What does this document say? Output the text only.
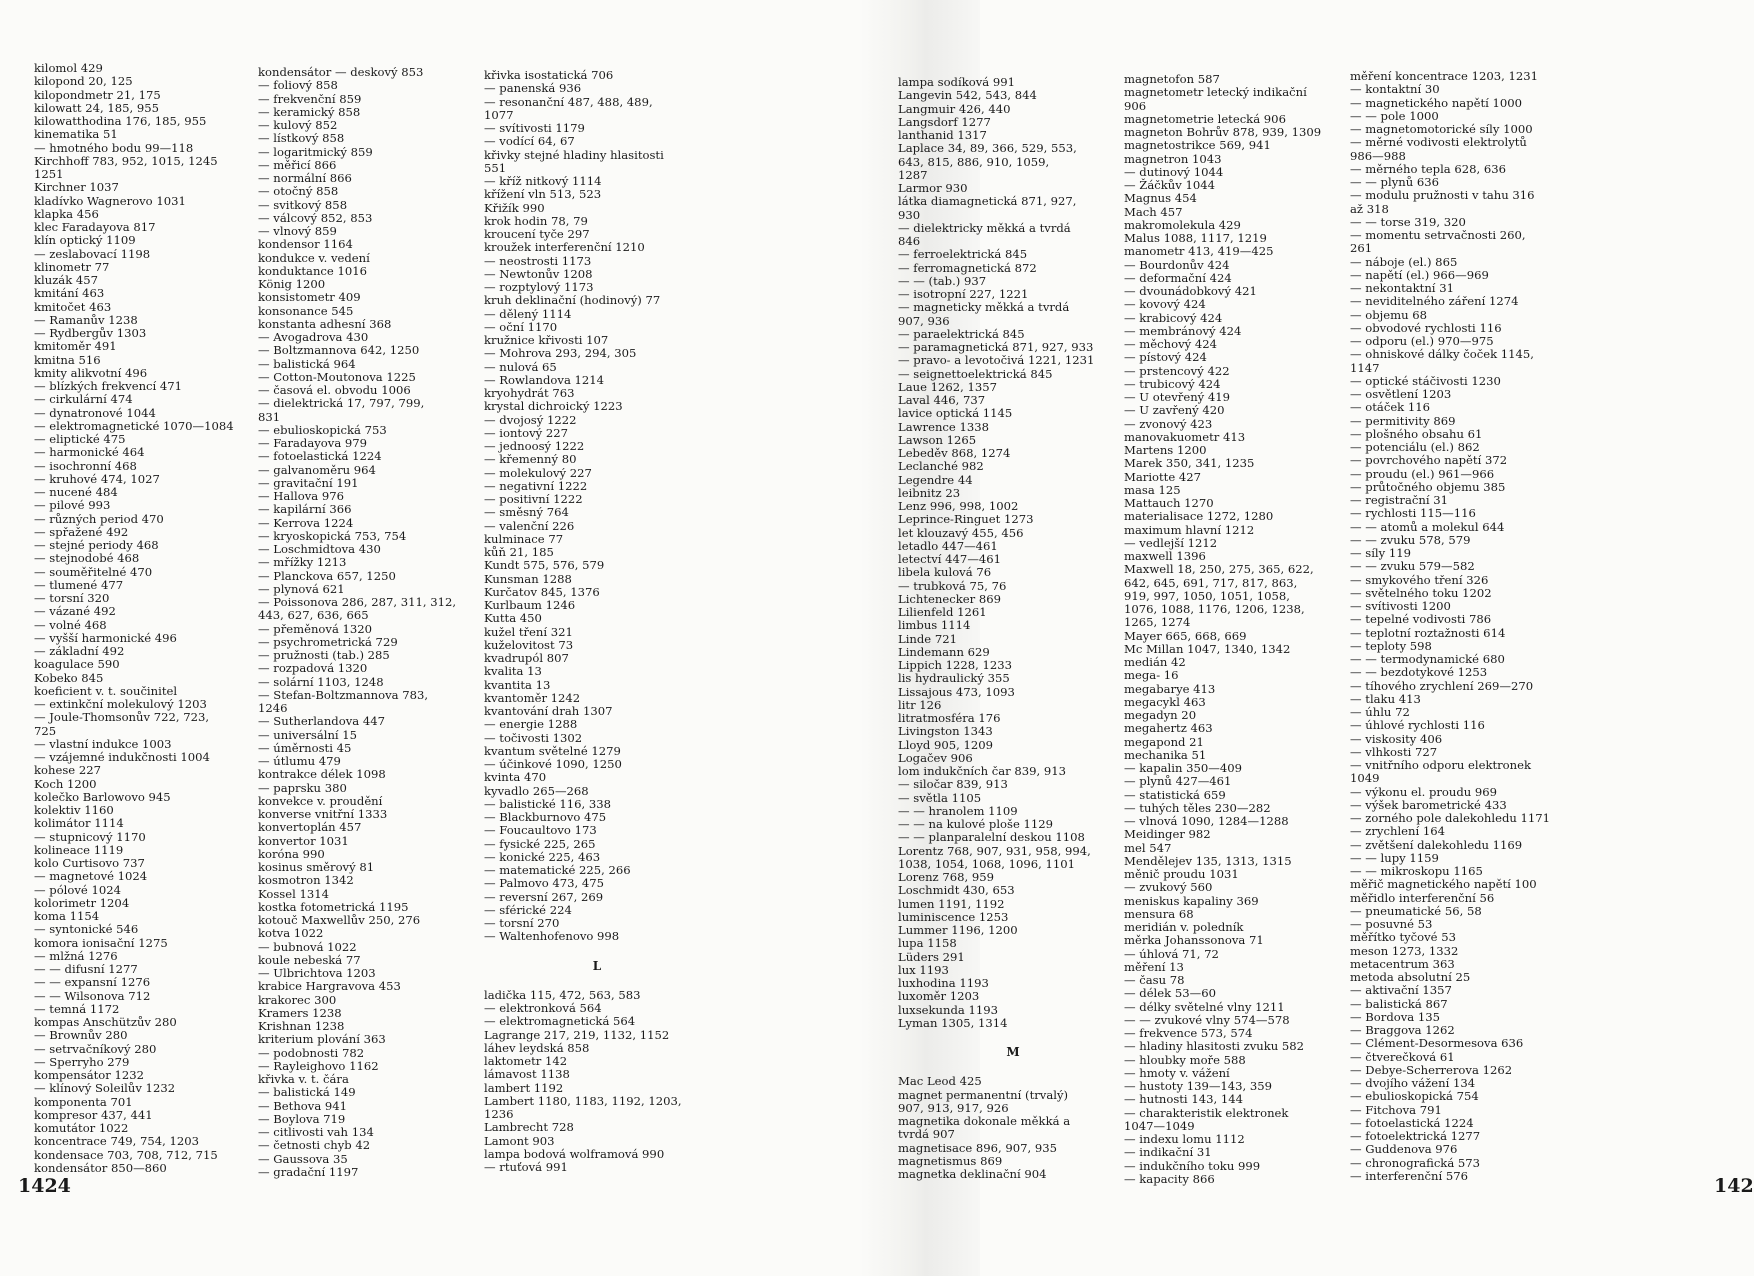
kilomol 429
kilopond 20, 125
kilopondmetr 21, 175
kilowatt 24, 185, 955
kilowatthodina 176, 185, 955
kinematika 51
— hmotného bodu 99—118
Kirchhoff 783, 952, 1015, 1245
1251
Kirchner 1037
kladívko Wagnerovo 1031
klapka 456
klec Faradayova 817
klín optický 1109
— zeslabovací 1198
klinometr 77
kluzák 457
kmitání 463
kmitočet 463
— Ramanův 1238
— Rydbergův 1303
kmitoměr 491
kmitna 516
kmity alikvotní 496
— blízkých frekvencí 471
— cirkulární 474
— dynatronové 1044
— elektromagnetické 1070—1084
— eliptické 475
— harmonické 464
— isochronní 468
— kruhové 474, 1027
— nucené 484
— pilové 993
— různých period 470
— spřažené 492
— stejné periody 468
— stejnodobé 468
— souměřitelné 470
— tlumené 477
— torsní 320
— vázané 492
— volné 468
— vyšší harmonické 496
— základní 492
koagulace 590
Kobeko 845
koeficient v. t. součinitel
— extinkční molekulový 1203
— Joule-Thomsonův 722, 723,
725
— vlastní indukce 1003
— vzájemné indukčnosti 1004
kohese 227
Koch 1200
kolečko Barlowovo 945
kolektiv 1160
kolimátor 1114
— stupnicový 1170
kolineace 1119
kolo Curtisovo 737
— magnetové 1024
— pólové 1024
kolorimetr 1204
koma 1154
— syntonické 546
komora ionisační 1275
— mlžná 1276
— — difusní 1277
— — expansní 1276
— — Wilsonova 712
— temná 1172
kompas Anschützův 280
— Brownův 280
— setrvačníkový 280
— Sperryho 279
kompensátor 1232
— klínový Soleilův 1232
komponenta 701
kompresor 437, 441
komutátor 1022
koncentrace 749, 754, 1203
kondensace 703, 708, 712, 715
kondensátor 850—860
kondensátor — deskový 853
— foliový 858
— frekvenční 859
— keramický 858
— kulový 852
— lístkový 858
— logaritmický 859
— měřicí 866
— normální 866
— otočný 858
— svitkový 858
— válcový 852, 853
— vlnový 859
kondensor 1164
kondukce v. vedení
konduktance 1016
König 1200
konsistometr 409
konsonance 545
konstanta adhesní 368
— Avogadrova 430
— Boltzmannova 642, 1250
— balistická 964
— Cotton-Moutonova 1225
— časová el. obvodu 1006
— dielektrická 17, 797, 799,
831
— ebulioskopická 753
— Faradayova 979
— fotoelastická 1224
— galvanoměru 964
— gravitační 191
— Hallova 976
— kapilární 366
— Kerrova 1224
— kryoskopická 753, 754
— Loschmidtova 430
— mřížky 1213
— Planckova 657, 1250
— plynová 621
— Poissonova 286, 287, 311, 312,
443, 627, 636, 665
— přeměnová 1320
— psychrometrická 729
— pružnosti (tab.) 285
— rozpadová 1320
— solární 1103, 1248
— Stefan-Boltzmannova 783,
1246
— Sutherlandova 447
— universální 15
— úměrnosti 45
— útlumu 479
kontrakce délek 1098
— paprsku 380
konvekce v. proudění
konverse vnitřní 1333
konvertoplán 457
konvertor 1031
koróna 990
kosinus směrový 81
kosmotron 1342
Kossel 1314
kostka fotometrická 1195
kotouč Maxwellův 250, 276
kotva 1022
— bubnová 1022
koule nebeská 77
— Ulbrichtova 1203
krabice Hargravova 453
krakorec 300
Kramers 1238
Krishnan 1238
kriterium plování 363
— podobnosti 782
— Rayleighovo 1162
křivka v. t. čára
— balistická 149
— Bethova 941
— Boylova 719
— citlivosti vah 134
— četnosti chyb 42
— Gaussova 35
— gradační 1197
křivka isostatická 706
— panenská 936
— resonanční 487, 488, 489,
1077
— svítivosti 1179
— vodící 64, 67
křivky stejné hladiny hlasitosti
551
— kříž nitkový 1114
křížení vln 513, 523
Křižík 990
krok hodin 78, 79
kroucení tyče 297
kroužek interferenční 1210
— neostrosti 1173
— Newtonův 1208
— rozptylový 1173
kruh deklinační (hodinový) 77
— dělený 1114
— oční 1170
kružnice křivosti 107
— Mohrova 293, 294, 305
— nulová 65
— Rowlandova 1214
kryohydrát 763
krystal dichroický 1223
— dvojosý 1222
— iontový 227
— jednoosý 1222
— křemenný 80
— molekulový 227
— negativní 1222
— positivní 1222
— směsný 764
— valenční 226
kulminace 77
kůň 21, 185
Kundt 575, 576, 579
Kunsman 1288
Kurčatov 845, 1376
Kurlbaum 1246
Kutta 450
kužel tření 321
kuželovitost 73
kvadrupól 807
kvalita 13
kvantita 13
kvantoměr 1242
kvantování drah 1307
— energie 1288
— točivosti 1302
kvantum světelné 1279
— účinkové 1090, 1250
kvinta 470
kyvadlo 265—268
— balistické 116, 338
— Blackburnovo 475
— Foucaultovo 173
— fysické 225, 265
— konické 225, 463
— matematické 225, 266
— Palmovo 473, 475
— reversní 267, 269
— sférické 224
— torsní 270
— Waltenhofenovo 998
L
ladička 115, 472, 563, 583
— elektronková 564
— elektromagnetická 564
Lagrange 217, 219, 1132, 1152
láhev leydská 858
laktometr 142
lámavost 1138
lambert 1192
Lambert 1180, 1183, 1192, 1203,
1236
Lambrecht 728
Lamont 903
lampa bodová wolframová 990
— rtuťová 991
1424
lampa sodíková 991
Langevin 542, 543, 844
Langmuir 426, 440
Langsdorf 1277
lanthanid 1317
Laplace 34, 89, 366, 529, 553,
643, 815, 886, 910, 1059,
1287
Larmor 930
látka diamagnetická 871, 927,
930
— dielektricky měkká a tvrdá
846
— ferroelektrická 845
— ferromagnetická 872
— — (tab.) 937
— isotropní 227, 1221
— magneticky měkká a tvrdá
907, 936
— paraelektrická 845
— paramagnetická 871, 927, 933
— pravo- a levotočivá 1221, 1231
— seignettoelektrická 845
Laue 1262, 1357
Laval 446, 737
lavice optická 1145
Lawrence 1338
Lawson 1265
Lebeděv 868, 1274
Leclanché 982
Legendre 44
leibnitz 23
Lenz 996, 998, 1002
Leprince-Ringuet 1273
let klouzavý 455, 456
letadlo 447—461
letectví 447—461
libela kulová 76
— trubková 75, 76
Lichtenecker 869
Lilienfeld 1261
limbus 1114
Linde 721
Lindemann 629
Lippich 1228, 1233
lis hydraulický 355
Lissajous 473, 1093
litr 126
litratmosféra 176
Livingston 1343
Lloyd 905, 1209
Logačev 906
lom indukčních čar 839, 913
— siločar 839, 913
— světla 1105
— — hranolem 1109
— — na kulové ploše 1129
— — planparalelní deskou 1108
Lorentz 768, 907, 931, 958, 994,
1038, 1054, 1068, 1096, 1101
Lorenz 768, 959
Loschmidt 430, 653
lumen 1191, 1192
luminiscence 1253
Lummer 1196, 1200
lupa 1158
Lüders 291
lux 1193
luxhodina 1193
luxoměr 1203
luxsekunda 1193
Lyman 1305, 1314
M
Mac Leod 425
magnet permanentní (trvalý)
907, 913, 917, 926
magnetika dokonale měkká a
tvrdá 907
magnetisace 896, 907, 935
magnetismus 869
magnetka deklinační 904
magnetofon 587
magnetometr letecký indikační
906
magnetometrie letecká 906
magneton Bohrův 878, 939, 1309
magnetostrikce 569, 941
magnetron 1043
— dutinový 1044
— Žáčkův 1044
Magnus 454
Mach 457
makromolekula 429
Malus 1088, 1117, 1219
manometr 413, 419—425
— Bourdonův 424
— deformační 424
— dvounádobkový 421
— kovový 424
— krabicový 424
— membránový 424
— měchový 424
— pístový 424
— prstencový 422
— trubicový 424
— U otevřený 419
— U zavřený 420
— zvonový 423
manovakuometr 413
Martens 1200
Marek 350, 341, 1235
Mariotte 427
masa 125
Mattauch 1270
materialisace 1272, 1280
maximum hlavní 1212
— vedlejší 1212
maxwell 1396
Maxwell 18, 250, 275, 365, 622,
642, 645, 691, 717, 817, 863,
919, 997, 1050, 1051, 1058,
1076, 1088, 1176, 1206, 1238,
1265, 1274
Mayer 665, 668, 669
Mc Millan 1047, 1340, 1342
medián 42
mega- 16
megabarye 413
megacykl 463
megadyn 20
megahertz 463
megapond 21
mechanika 51
— kapalin 350—409
— plynů 427—461
— statistická 659
— tuhých těles 230—282
— vlnová 1090, 1284—1288
Meidinger 982
mel 547
Mendělejev 135, 1313, 1315
měnič proudu 1031
— zvukový 560
meniskus kapaliny 369
mensura 68
meridián v. poledník
měrka Johanssonova 71
— úhlová 71, 72
měření 13
— času 78
— délek 53—60
— délky světelné vlny 1211
— — zvukové vlny 574—578
— frekvence 573, 574
— hladiny hlasitosti zvuku 582
— hloubky moře 588
— hmoty v. vážení
— hustoty 139—143, 359
— hutnosti 143, 144
— charakteristik elektronek
1047—1049
— indexu lomu 1112
— indikační 31
— indukčního toku 999
— kapacity 866
měření koncentrace 1203, 1231
— kontaktní 30
— magnetického napětí 1000
— — pole 1000
— magnetomotorické síly 1000
— měrné vodivosti elektrolytů
986—988
— měrného tepla 628, 636
— — plynů 636
— modulu pružnosti v tahu 316
až 318
— — torse 319, 320
— momentu setrvačnosti 260,
261
— náboje (el.) 865
— napětí (el.) 966—969
— nekontaktní 31
— neviditelného záření 1274
— objemu 68
— obvodové rychlosti 116
— odporu (el.) 970—975
— ohniskové dálky čoček 1145,
1147
— optické stáčivosti 1230
— osvětlení 1203
— otáček 116
— permitivity 869
— plošného obsahu 61
— potenciálu (el.) 862
— povrchového napětí 372
— proudu (el.) 961—966
— průtočného objemu 385
— registrační 31
— rychlosti 115—116
— — atomů a molekul 644
— — zvuku 578, 579
— síly 119
— — zvuku 579—582
— smykového tření 326
— světelného toku 1202
— svítivosti 1200
— tepelné vodivosti 786
— teplotní roztažnosti 614
— teploty 598
— — termodynamické 680
— — bezdotykové 1253
— tíhového zrychlení 269—270
— tlaku 413
— úhlu 72
— úhlové rychlosti 116
— viskosity 406
— vlhkosti 727
— vnitřního odporu elektronek
1049
— výkonu el. proudu 969
— výšek barometrické 433
— zorného pole dalekohledu 1171
— zrychlení 164
— zvětšení dalekohledu 1169
— — lupy 1159
— — mikroskopu 1165
měřič magnetického napětí 100
měřidlo interferenční 56
— pneumatické 56, 58
— posuvné 53
měřítko tyčové 53
meson 1273, 1332
metacentrum 363
metoda absolutní 25
— aktivační 1357
— balistická 867
— Bordova 135
— Braggova 1262
— Clément-Desormesova 636
— čtverečková 61
— Debye-Scherrerova 1262
— dvojího vážení 134
— ebulioskopická 754
— Fitchova 791
— fotoelastická 1224
— fotoelektrická 1277
— Guddenova 976
— chronografická 573
— interferenční 576	142
